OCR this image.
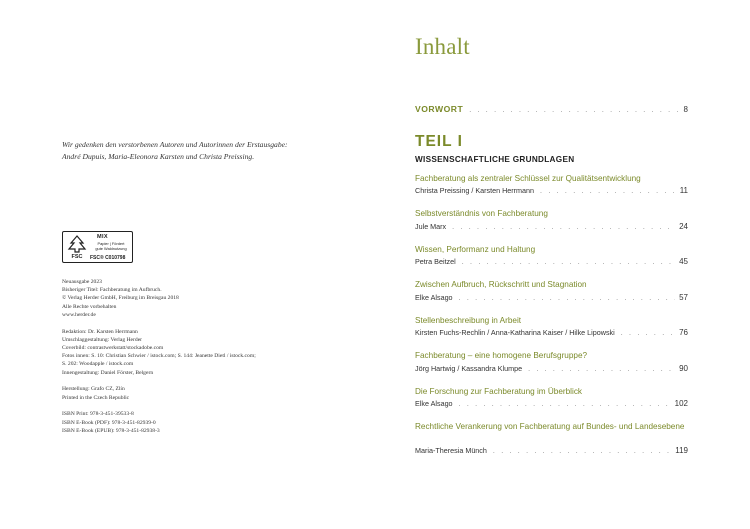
Wir gedenken den verstorbenen Autoren und Autorinnen der Erstausgabe:
André Dupuis, Maria-Eleonora Karsten und Christa Preissing.
FSC
MIX
Papier | Fördert
gute Waldnutzung
FSC® C010798
Neuausgabe 2023
Bisheriger Titel: Fachberatung im Aufbruch.
© Verlag Herder GmbH, Freiburg im Breisgau 2018
Alle Rechte vorbehalten
www.herder.de
Redaktion: Dr. Karsten Herrmann
Umschlaggestaltung: Verlag Herder
Coverbild: contrastwerkstatt/stockadobe.com
Fotos innen: S. 10: Christian Schwier / istock.com; S. 144: Jeanette Dietl / istock.com;
S. 202: Woodapple / istock.com
Innengestaltung: Daniel Förster, Belgern
Herstellung: Grafo CZ, Zlín
Printed in the Czech Republic
ISBN Print: 978-3-451-39533-8
ISBN E-Book (PDF): 978-3-451-82939-0
ISBN E-Book (EPUB): 978-3-451-82938-3
Inhalt
VORWORT . . .	8
TEIL I
WISSENSCHAFTLICHE GRUNDLAGEN
Fachberatung als zentraler Schlüssel zur Qualitätsentwicklung
Christa Preissing / Karsten Herrmann . . .	11
Selbstverständnis von Fachberatung
Jule Marx . . .	24
Wissen, Performanz und Haltung
Petra Beitzel . . .	45
Zwischen Aufbruch, Rückschritt und Stagnation
Elke Alsago . . .	57
Stellenbeschreibung in Arbeit
Kirsten Fuchs-Rechlin / Anna-Katharina Kaiser / Hilke Lipowski . . .	76
Fachberatung – eine homogene Berufsgruppe?
Jörg Hartwig / Kassandra Klumpe . . .	90
Die Forschung zur Fachberatung im Überblick
Elke Alsago . . .	102
Rechtliche Verankerung von Fachberatung auf Bundes- und Landesebene
Maria-Theresia Münch . . .	119
